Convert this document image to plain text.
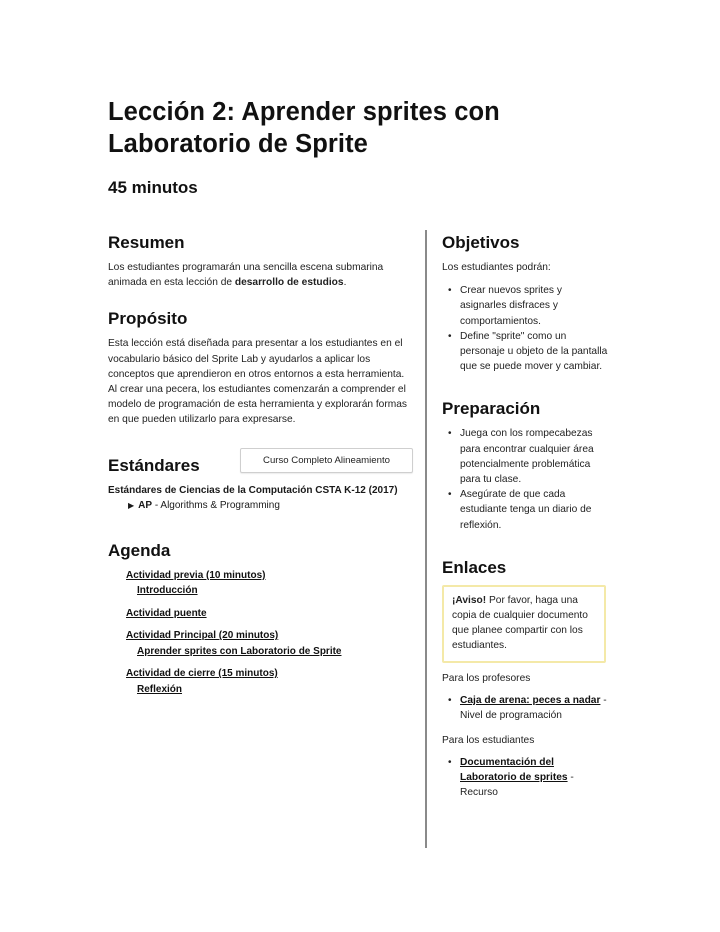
Lección 2: Aprender sprites con Laboratorio de Sprite
45 minutos
Resumen

Los estudiantes programarán una sencilla escena submarina animada en esta lección de desarrollo de estudios.

Propósito

Esta lección está diseñada para presentar a los estudiantes en el vocabulario básico del Sprite Lab y ayudarlos a aplicar los conceptos que aprendieron en otros entornos a esta herramienta. Al crear una pecera, los estudiantes comenzarán a comprender el modelo de programación de esta herramienta y explorarán formas en que pueden utilizarlo para expresarse.

Estándares	Curso Completo Alineamiento
Estándares de Ciencias de la Computación CSTA K-12 (2017)
▶ AP - Algorithms & Programming
Agenda
Actividad previa (10 minutos)
Introducción
Actividad puente
Actividad Principal (20 minutos)
Aprender sprites con Laboratorio de Sprite
Actividad de cierre (15 minutos)
Reflexión
Objetivos

Los estudiantes podrán:

• Crear nuevos sprites y asignarles disfraces y comportamientos.
• Define "sprite" como un personaje u objeto de la pantalla que se puede mover y cambiar.
Preparación
• Juega con los rompecabezas para encontrar cualquier área potencialmente problemática para tu clase.
• Asegúrate de que cada estudiante tenga un diario de reflexión.
Enlaces
¡Aviso! Por favor, haga una copia de cualquier documento que planee compartir con los estudiantes.
Para los profesores
• Caja de arena: peces a nadar - Nivel de programación
Para los estudiantes
• Documentación del Laboratorio de sprites - Recurso
